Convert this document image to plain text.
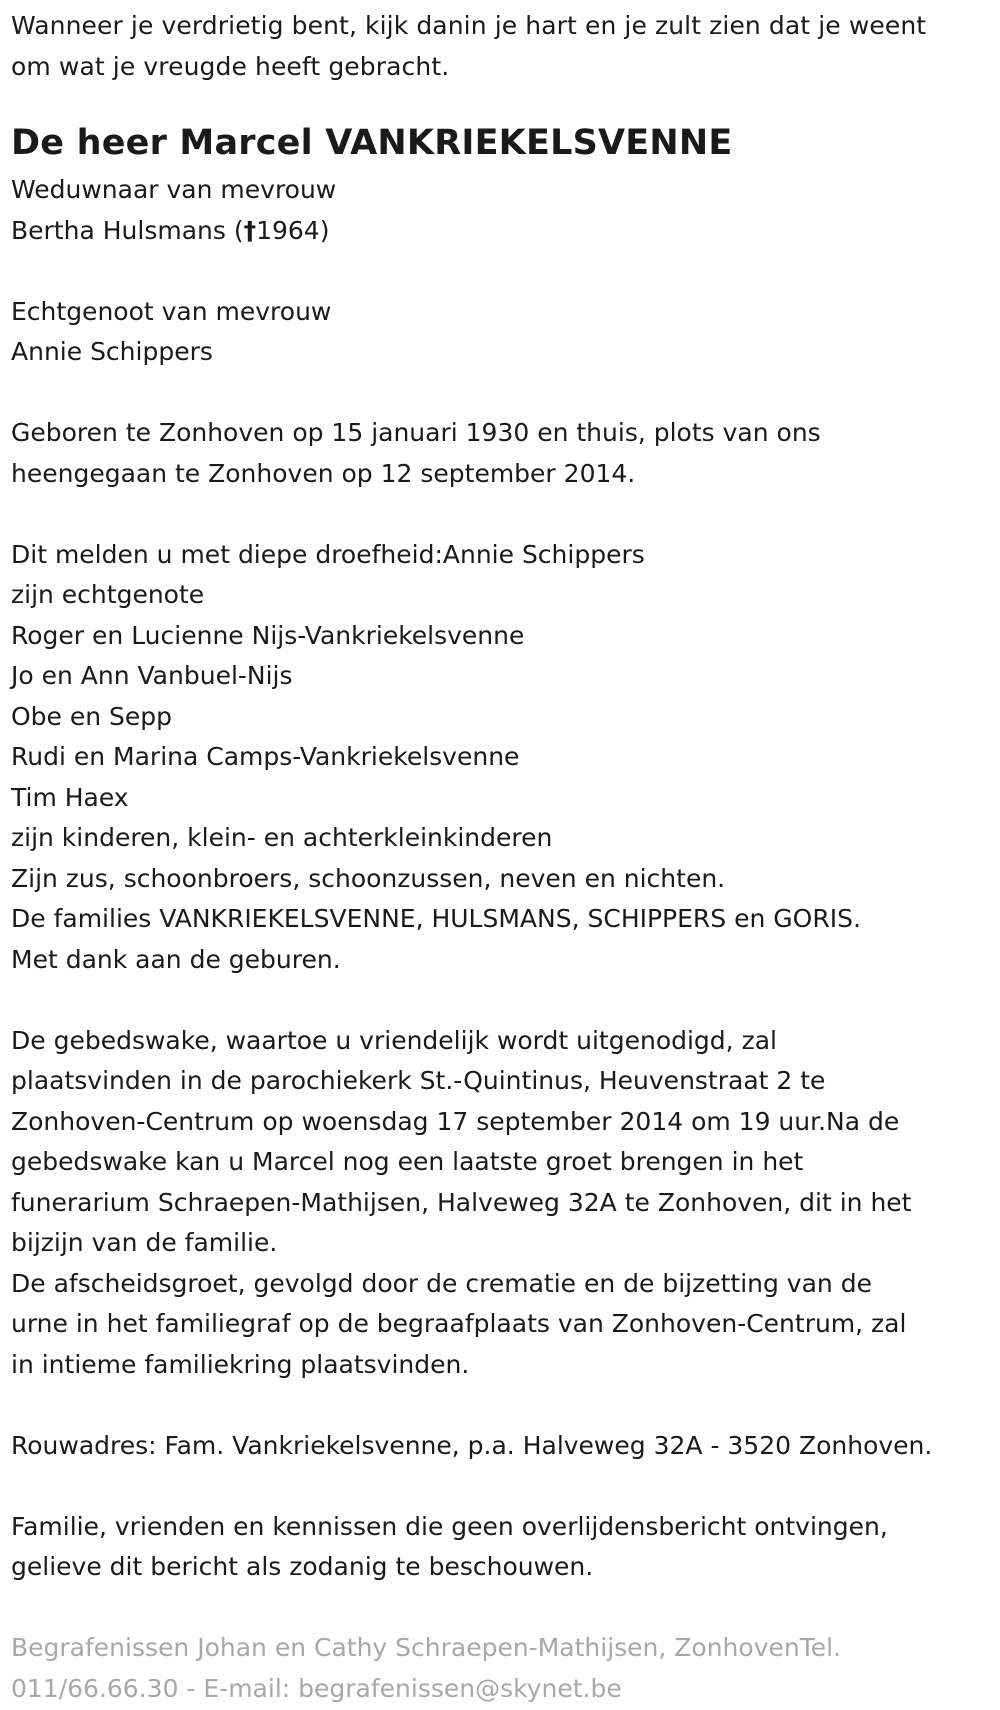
Wanneer je verdrietig bent, kijk danin je hart en je zult zien dat je weent
om wat je vreugde heeft gebracht.
De heer Marcel VANKRIEKELSVENNE
Weduwnaar van mevrouw
Bertha Hulsmans (†1964)
Echtgenoot van mevrouw
Annie Schippers
Geboren te Zonhoven op 15 januari 1930 en thuis, plots van ons
heengegaan te Zonhoven op 12 september 2014.
Dit melden u met diepe droefheid:Annie Schippers
zijn echtgenote
Roger en Lucienne Nijs-Vankriekelsvenne
Jo en Ann Vanbuel-Nijs
Obe en Sepp
Rudi en Marina Camps-Vankriekelsvenne
Tim Haex
zijn kinderen, klein- en achterkleinkinderen
Zijn zus, schoonbroers, schoonzussen, neven en nichten.
De families VANKRIEKELSVENNE, HULSMANS, SCHIPPERS en GORIS.
Met dank aan de geburen.
De gebedswake, waartoe u vriendelijk wordt uitgenodigd, zal
plaatsvinden in de parochiekerk St.-Quintinus, Heuvenstraat 2 te
Zonhoven-Centrum op woensdag 17 september 2014 om 19 uur.Na de
gebedswake kan u Marcel nog een laatste groet brengen in het
funerarium Schraepen-Mathijsen, Halveweg 32A te Zonhoven, dit in het
bijzijn van de familie.
De afscheidsgroet, gevolgd door de crematie en de bijzetting van de
urne in het familiegraf op de begraafplaats van Zonhoven-Centrum, zal
in intieme familiekring plaatsvinden.
Rouwadres: Fam. Vankriekelsvenne, p.a. Halveweg 32A - 3520 Zonhoven.
Familie, vrienden en kennissen die geen overlijdensbericht ontvingen,
gelieve dit bericht als zodanig te beschouwen.
Begrafenissen Johan en Cathy Schraepen-Mathijsen, ZonhovenTel.
011/66.66.30 - E-mail: begrafenissen@skynet.be
